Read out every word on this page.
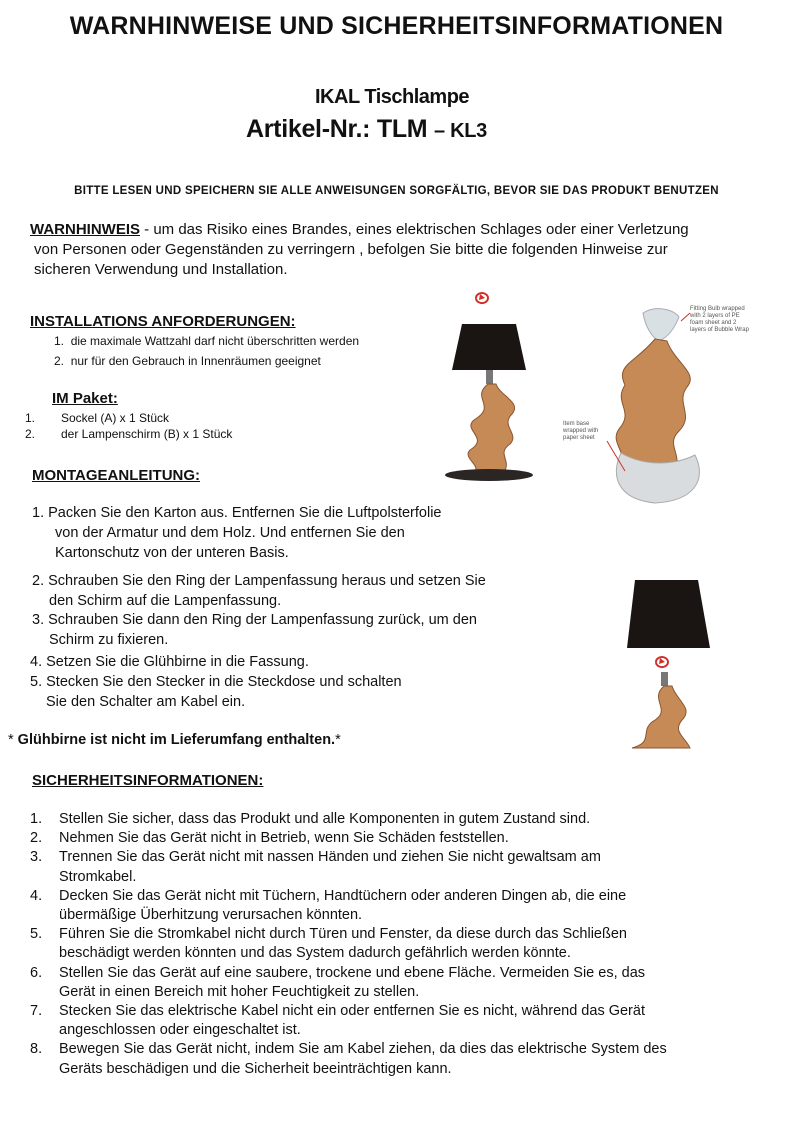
WARNHINWEISE UND SICHERHEITSINFORMATIONEN
IKAL Tischlampe
Artikel-Nr.: TLM – KL3
BITTE LESEN UND SPEICHERN SIE ALLE ANWEISUNGEN SORGFÄLTIG, BEVOR SIE DAS PRODUKT BENUTZEN
WARNHINWEIS - um das Risiko eines Brandes, eines elektrischen Schlages oder einer Verletzung
von Personen oder Gegenständen zu verringern , befolgen Sie bitte die folgenden Hinweise zur
sicheren Verwendung und Installation.
INSTALLATIONS ANFORDERUNGEN:
1. die maximale Wattzahl darf nicht überschritten werden
2. nur für den Gebrauch in Innenräumen geeignet
IM Paket:
1. Sockel (A) x 1 Stück
2. der Lampenschirm (B) x 1 Stück
MONTAGEANLEITUNG:
1. Packen Sie den Karton aus. Entfernen Sie die Luftpolsterfolie
von der Armatur und dem Holz. Und entfernen Sie den
Kartonschutz von der unteren Basis.
2. Schrauben Sie den Ring der Lampenfassung heraus und setzen Sie
den Schirm auf die Lampenfassung.
3. Schrauben Sie dann den Ring der Lampenfassung zurück, um den
Schirm zu fixieren.
4. Setzen Sie die Glühbirne in die Fassung.
5. Stecken Sie den Stecker in die Steckdose und schalten
Sie den Schalter am Kabel ein.
* Glühbirne ist nicht im Lieferumfang enthalten.*
SICHERHEITSINFORMATIONEN:
1. Stellen Sie sicher, dass das Produkt und alle Komponenten in gutem Zustand sind.
2. Nehmen Sie das Gerät nicht in Betrieb, wenn Sie Schäden feststellen.
3. Trennen Sie das Gerät nicht mit nassen Händen und ziehen Sie nicht gewaltsam am
Stromkabel.
4. Decken Sie das Gerät nicht mit Tüchern, Handtüchern oder anderen Dingen ab, die eine
übermäßige Überhitzung verursachen könnten.
5. Führen Sie die Stromkabel nicht durch Türen und Fenster, da diese durch das Schließen
beschädigt werden könnten und das System dadurch gefährlich werden könnte.
6. Stellen Sie das Gerät auf eine saubere, trockene und ebene Fläche. Vermeiden Sie es, das
Gerät in einen Bereich mit hoher Feuchtigkeit zu stellen.
7. Stecken Sie das elektrische Kabel nicht ein oder entfernen Sie es nicht, während das Gerät
angeschlossen oder eingeschaltet ist.
8. Bewegen Sie das Gerät nicht, indem Sie am Kabel ziehen, da dies das elektrische System des
Geräts beschädigen und die Sicherheit beeinträchtigen kann.
Fitting Bulb wrapped with 2 layers of PE foam sheet and 2 layers of Bubble Wrap
Item base wrapped with paper sheet
